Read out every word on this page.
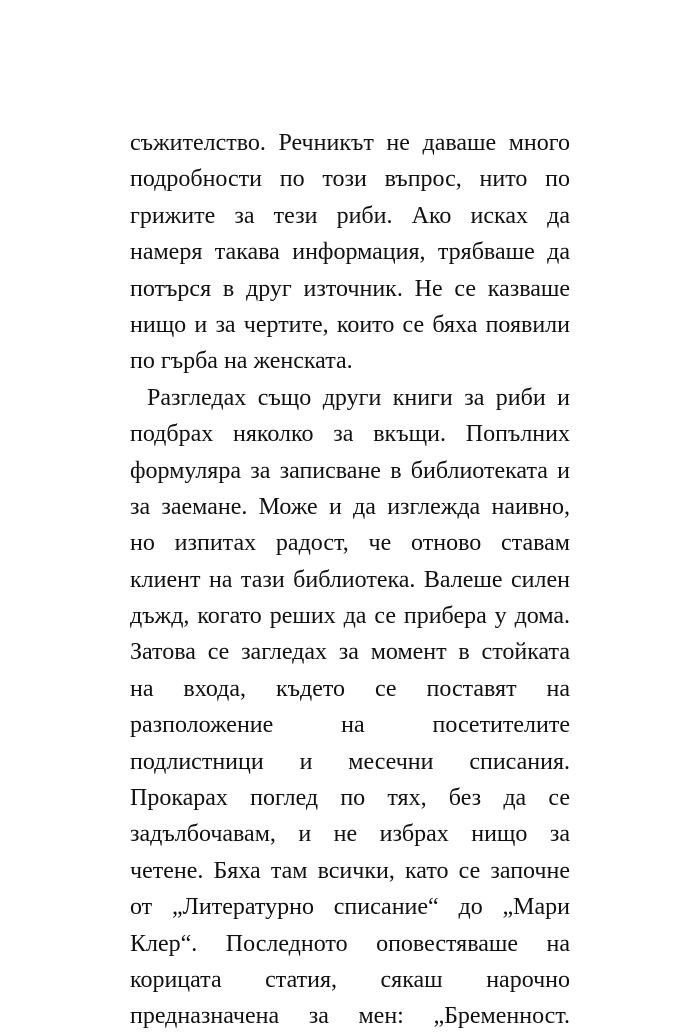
съжителство. Речникът не даваше много
подробности по този въпрос, нито по
грижите за тези риби. Ако исках да
намеря такава информация, трябваше да
потърся в друг източник. Не се казваше
нищо и за чертите, които се бяха появили
по гърба на женската.
Разгледах също други книги за риби и
подбрах няколко за вкъщи. Попълних
формуляра за записване в библиотеката и
за заемане. Може и да изглежда наивно,
но изпитах радост, че отново ставам
клиент на тази библиотека. Валеше силен
дъжд, когато реших да се прибера у дома.
Затова се загледах за момент в стойката
на входа, където се поставят на
разположение на посетителите
подлистници и месечни списания.
Прокарах поглед по тях, без да се
задълбочавам, и не избрах нищо за
четене. Бяха там всички, като се започне
от „Литературно списание“ до „Мари
Клер“. Последното оповестяваше на
корицата статия, сякаш нарочно
предназначена за мен: „Бременност.
